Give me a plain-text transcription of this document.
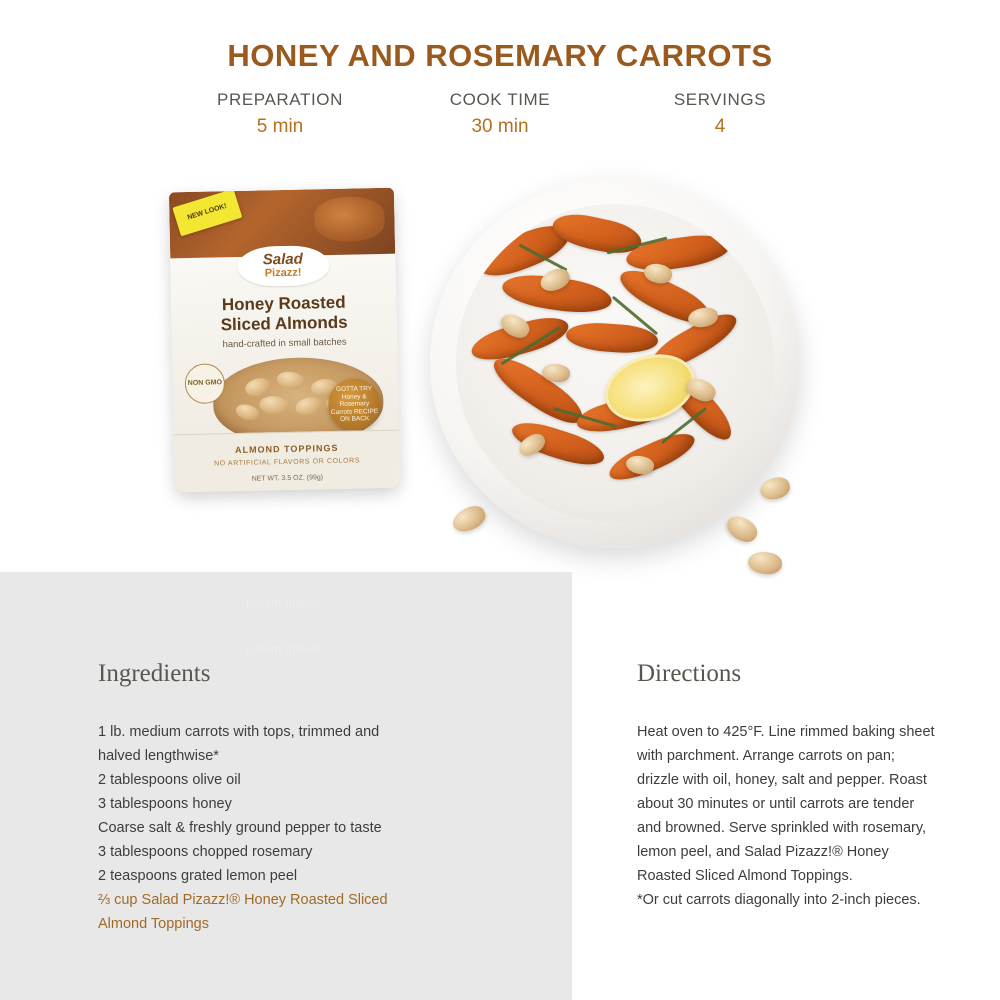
HONEY AND ROSEMARY CARROTS
PREPARATION
5 min
COOK TIME
30 min
SERVINGS
4
NEW LOOK!
Salad
Pizazz!
Honey Roasted
Sliced Almonds
hand-crafted in small batches
NON GMO
GOTTA TRY Honey & Rosemary Carrots RECIPE ON BACK
ALMOND TOPPINGS
NO ARTIFICIAL FLAVORS OR COLORS
NET WT. 3.5 OZ. (99g)
Lorem Ipsum
Lorem Ipsum
Ingredients
1 lb. medium carrots with tops, trimmed and
halved lengthwise*
2 tablespoons olive oil
3 tablespoons honey
Coarse salt & freshly ground pepper to taste
3 tablespoons chopped rosemary
2 teaspoons grated lemon peel
⅔ cup Salad Pizazz!® Honey Roasted Sliced
Almond Toppings
Directions

Heat oven to 425°F. Line rimmed baking sheet with parchment. Arrange carrots on pan; drizzle with oil, honey, salt and pepper. Roast about 30 minutes or until carrots are tender and browned. Serve sprinkled with rosemary, lemon peel, and Salad Pizazz!® Honey Roasted Sliced Almond Toppings.

*Or cut carrots diagonally into 2-inch pieces.
